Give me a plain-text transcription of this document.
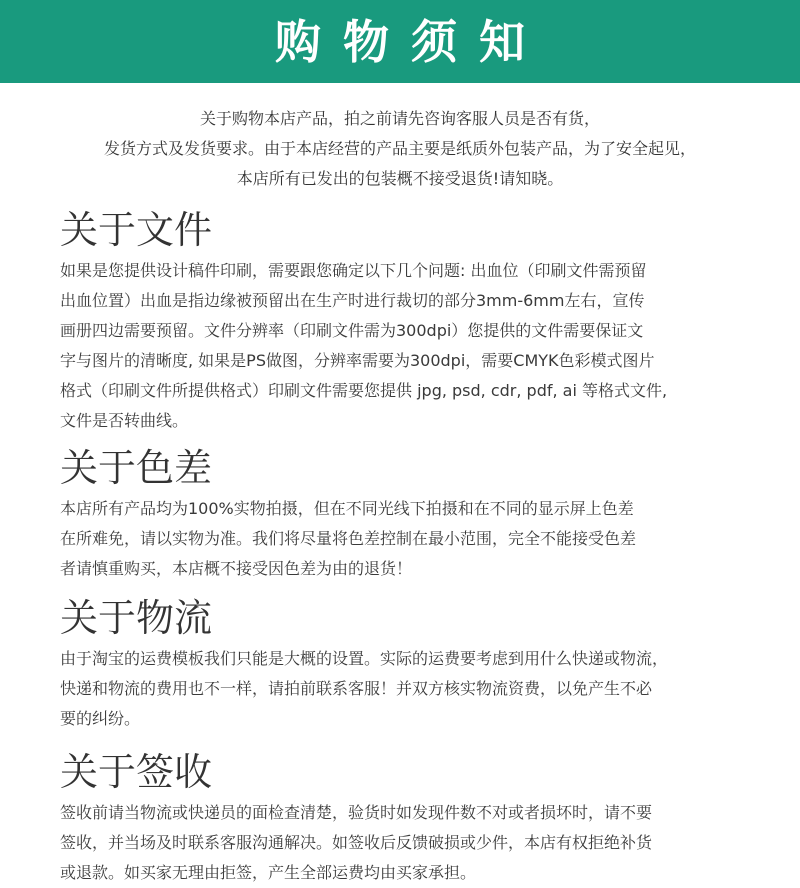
购物须知
关于购物本店产品，拍之前请先咨询客服人员是否有货，
发货方式及发货要求。由于本店经营的产品主要是纸质外包装产品，为了安全起见，
本店所有已发出的包装概不接受退货!请知晓。
关于文件

如果是您提供设计稿件印刷，需要跟您确定以下几个问题: 出血位（印刷文件需预留
出血位置）出血是指边缘被预留出在生产时进行裁切的部分3mm-6mm左右，宣传
画册四边需要预留。文件分辨率（印刷文件需为300dpi）您提供的文件需要保证文
字与图片的清晰度, 如果是PS做图，分辨率需要为300dpi，需要CMYK色彩模式图片
格式（印刷文件所提供格式）印刷文件需要您提供 jpg, psd, cdr, pdf, ai 等格式文件,
文件是否转曲线。

关于色差

本店所有产品均为100%实物拍摄，但在不同光线下拍摄和在不同的显示屏上色差
在所难免，请以实物为准。我们将尽量将色差控制在最小范围，完全不能接受色差
者请慎重购买，本店概不接受因色差为由的退货！

关于物流

由于淘宝的运费模板我们只能是大概的设置。实际的运费要考虑到用什么快递或物流，
快递和物流的费用也不一样，请拍前联系客服！并双方核实物流资费，以免产生不必
要的纠纷。

关于签收

签收前请当物流或快递员的面检查清楚，验货时如发现件数不对或者损坏时，请不要
签收，并当场及时联系客服沟通解决。如签收后反馈破损或少件，本店有权拒绝补货
或退款。如买家无理由拒签，产生全部运费均由买家承担。
